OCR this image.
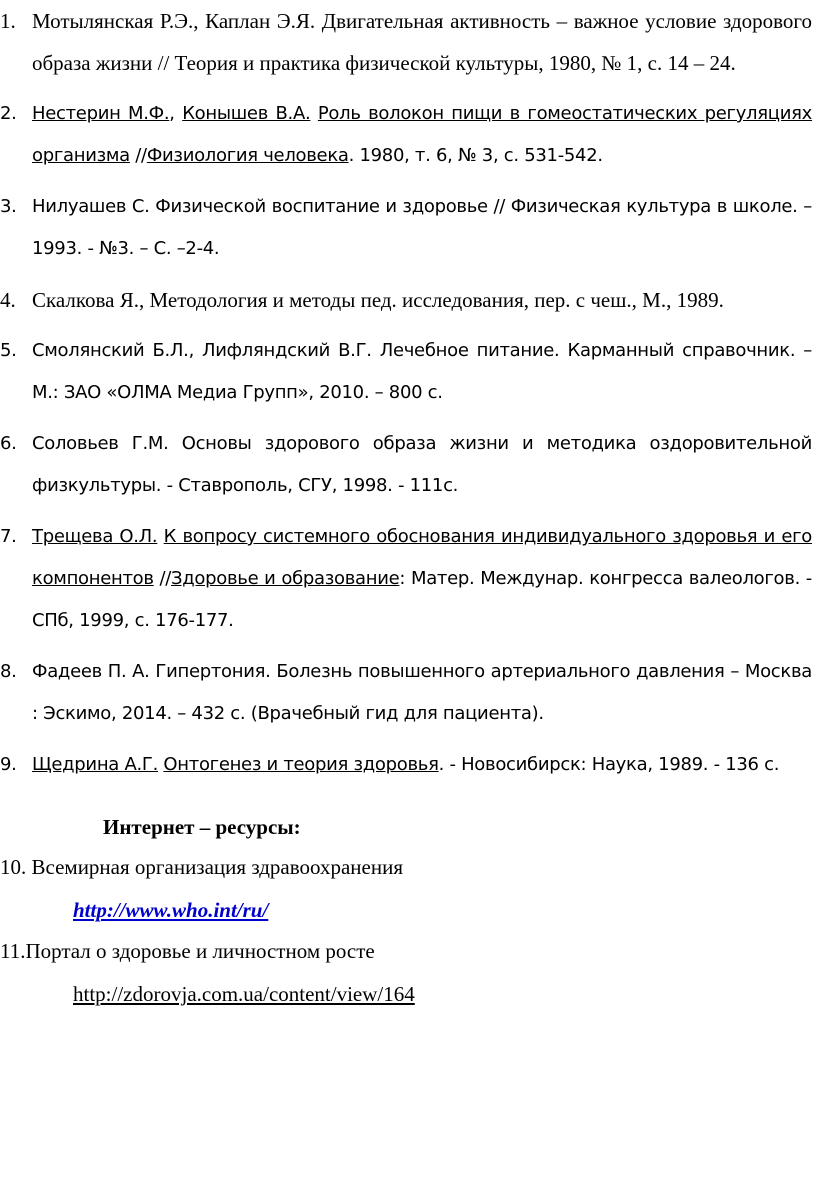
1. Мотылянская Р.Э., Каплан Э.Я. Двигательная активность – важное условие здорового образа жизни // Теория и практика физической культуры, 1980, № 1, с. 14 – 24.
2. Нестерин М.Ф., Конышев В.А. Роль волокон пищи в гомеостатических регуляциях организма //Физиология человека. 1980, т. 6, № 3, с. 531-542.
3. Нилуашев С. Физической воспитание и здоровье // Физическая культура в школе. – 1993. - №3. – С. –2-4.
4. Скалкова Я., Методология и методы пед. исследования, пер. с чеш., М., 1989.
5. Смолянский Б.Л., Лифляндский В.Г. Лечебное питание. Карманный справочник. – М.: ЗАО «ОЛМА Медиа Групп», 2010. – 800 с.
6. Соловьев Г.М. Основы здорового образа жизни и методика оздоровительной физкультуры. - Ставрополь, СГУ, 1998. - 111с.
7. Трещева О.Л. К вопросу системного обоснования индивидуального здоровья и его компонентов //Здоровье и образование: Матер. Междунар. конгресса валеологов. - СПб, 1999, с. 176-177.
8. Фадеев П. А. Гипертония. Болезнь повышенного артериального давления – Москва : Эскимо, 2014. – 432 с. (Врачебный гид для пациента).
9. Щедрина А.Г. Онтогенез и теория здоровья. - Новосибирск: Наука, 1989. - 136 с.
Интернет – ресурсы:
10. Всемирная организация здравоохранения
http://www.who.int/ru/
11.Портал о здоровье и личностном росте
http://zdorovja.com.ua/content/view/164
